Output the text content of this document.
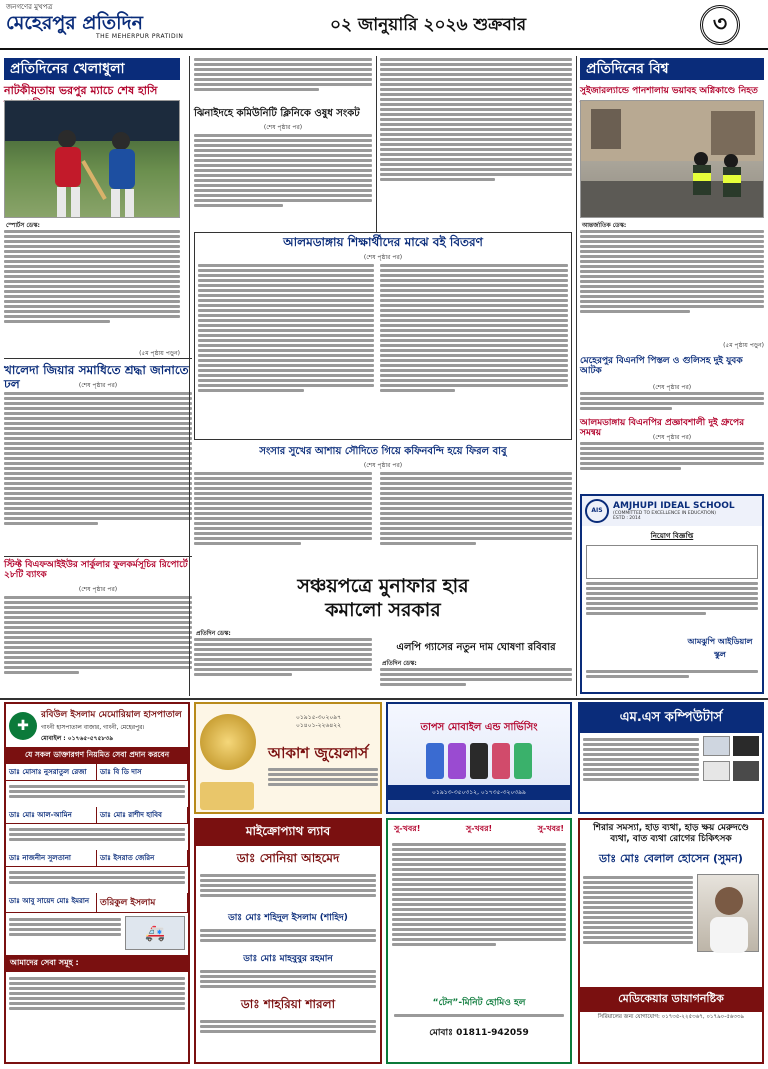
জনগণের মুখপত্র
মেহেরপুর প্রতিদিন
THE MEHERPUR PRATIDIN
০২ জানুয়ারি ২০২৬ শুক্রবার	৩
প্রতিদিনের খেলাধুলা
নাটকীয়তায় ভরপুর ম্যাচে শেষ হাসি
স্পোর্টস ডেস্ক:
(৫ম পৃষ্ঠায় পড়ুন)
খালেদা জিয়ার সমাধিতে শ্রদ্ধা জানাতে ঢল	(শেষ পৃষ্ঠার পর)
স্টিফ্ট বিএফআইইউর সার্কুলার ফুলকর্মসূচির রিপোর্টে ২৮টি ব্যাংক
(শেষ পৃষ্ঠার পর)
ঝিনাইদহে কমিউনিটি ক্লিনিকে ওষুধ সংকট
(শেষ পৃষ্ঠার পর)
আলমডাঙ্গায় শিক্ষার্থীদের মাঝে বই বিতরণ
(শেষ পৃষ্ঠার পর)
সংসার সুখের আশায় সৌদিতে গিয়ে কফিনবন্দি হয়ে ফিরল বাবু
(শেষ পৃষ্ঠার পর)
সঞ্চয়পত্রে মুনাফার হার
কমালো সরকার
প্রতিদিন ডেস্ক:
এলপি গ্যাসের নতুন দাম ঘোষণা রবিবার
প্রতিদিন ডেস্ক:
প্রতিদিনের বিশ্ব
সুইজারল্যান্ডে পানশালায় ভয়াবহ অগ্নিকাণ্ডে নিহত
আন্তর্জাতিক ডেস্ক:
(৫ম পৃষ্ঠায় পড়ুন)
মেহেরপুর বিএনপি পিস্তল ও গুলিসহ দুই যুবক আটক
(শেষ পৃষ্ঠার পর)
আলমডাঙ্গায় বিএনপির প্রজ্ঞাবশালী দুই গ্রুপের সমন্বয়	(শেষ পৃষ্ঠার পর)
AIS	AMJHUPI IDEAL SCHOOL
(COMMITTED TO EXCELLENCE IN EDUCATION)
ESTD : 2014
নিয়োগ বিজ্ঞপ্তি
আমঝুপি আইডিয়াল স্কুল
✚
রবিউল ইসলাম মেমোরিয়াল হাসপাতাল
গাংনী হাসপাতাল বাজার, গাংনী, মেহেরপুর।
মোবাইল : ০১৭৬৫-৫৭৫৮৩৯
যে সকল ডাক্তারগণ নিয়মিত সেবা প্রদান করবেন
ডাঃ মোসাঃ নুসরাতুল রেজা	ডাঃ বি ডি দাস
ডাঃ মোঃ আল-আমিন	ডাঃ মোঃ রাশীদ হাবিব
ডাঃ নাজনীন সুলতানা	ডাঃ ইসরাত জেরিন
ডাঃ আবু সায়েদ মোঃ ইমরান	তরিকুল ইসলাম
🚑
আমাদের সেবা সমূহ :
০১৯১৫-৩০২০৯৭
০১৪০১-২২৬৪২২
আকাশ জুয়েলার্স
মাইক্রোপ্যাথ ল্যাব
ডাঃ সোনিয়া আহমেদ
ডাঃ মোঃ শহিদুল ইসলাম (শাহিদ)
ডাঃ মোঃ মাহবুবুর রহমান
ডাঃ শাহরিয়া শারলা
তাপস মোবাইল এন্ড সার্ভিসিং
০১৯১৩-৩৫০৩১২, ০১৭৩৫-৩২০৩৯৯
সু-খবর!	সু-খবর!	সু-খবর!
“টেন”-মিনিট হোমিও হল
মোবাঃ 01811-942059
এম.এস কম্পিউটার্স
শিরার সমস্যা, হাড় ব্যথা, হাড় ক্ষয় মেরুদণ্ডে ব্যথা, বাত ব্যথা রোগের চিকিৎসক
ডাঃ মোঃ বেলাল হোসেন (সুমন)
মেডিকেয়ার ডায়াগনষ্টিক
সিরিয়ালের জন্য যোগাযোগ: ০১৭৩৫-২২৫৩৬৭, ০১৭৯০-৫৬৩৩৯
